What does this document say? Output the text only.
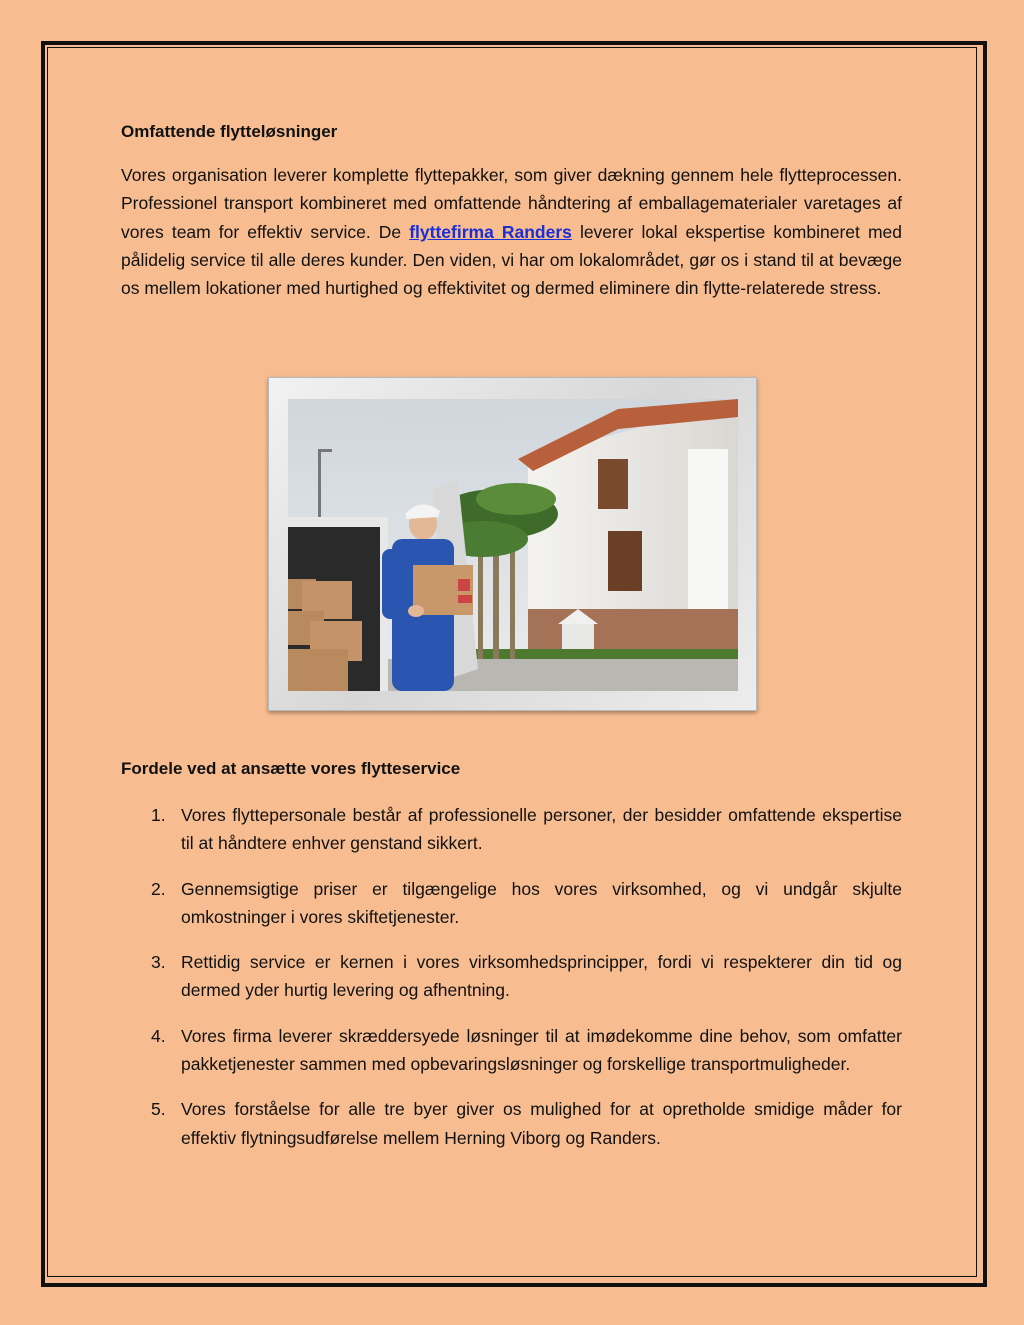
Omfattende flytteløsninger

Vores organisation leverer komplette flyttepakker, som giver dækning gennem hele flytteprocessen. Professionel transport kombineret med omfattende håndtering af emballagematerialer varetages af vores team for effektiv service. De flyttefirma Randers leverer lokal ekspertise kombineret med pålidelig service til alle deres kunder. Den viden, vi har om lokalområdet, gør os i stand til at bevæge os mellem lokationer med hurtighed og effektivitet og dermed eliminere din flytte-relaterede stress.

Fordele ved at ansætte vores flytteservice
1. Vores flyttepersonale består af professionelle personer, der besidder omfattende ekspertise til at håndtere enhver genstand sikkert.
2. Gennemsigtige priser er tilgængelige hos vores virksomhed, og vi undgår skjulte omkostninger i vores skiftetjenester.
3. Rettidig service er kernen i vores virksomhedsprincipper, fordi vi respekterer din tid og dermed yder hurtig levering og afhentning.
4. Vores firma leverer skræddersyede løsninger til at imødekomme dine behov, som omfatter pakketjenester sammen med opbevaringsløsninger og forskellige transportmuligheder.
5. Vores forståelse for alle tre byer giver os mulighed for at opretholde smidige måder for effektiv flytningsudførelse mellem Herning Viborg og Randers.
